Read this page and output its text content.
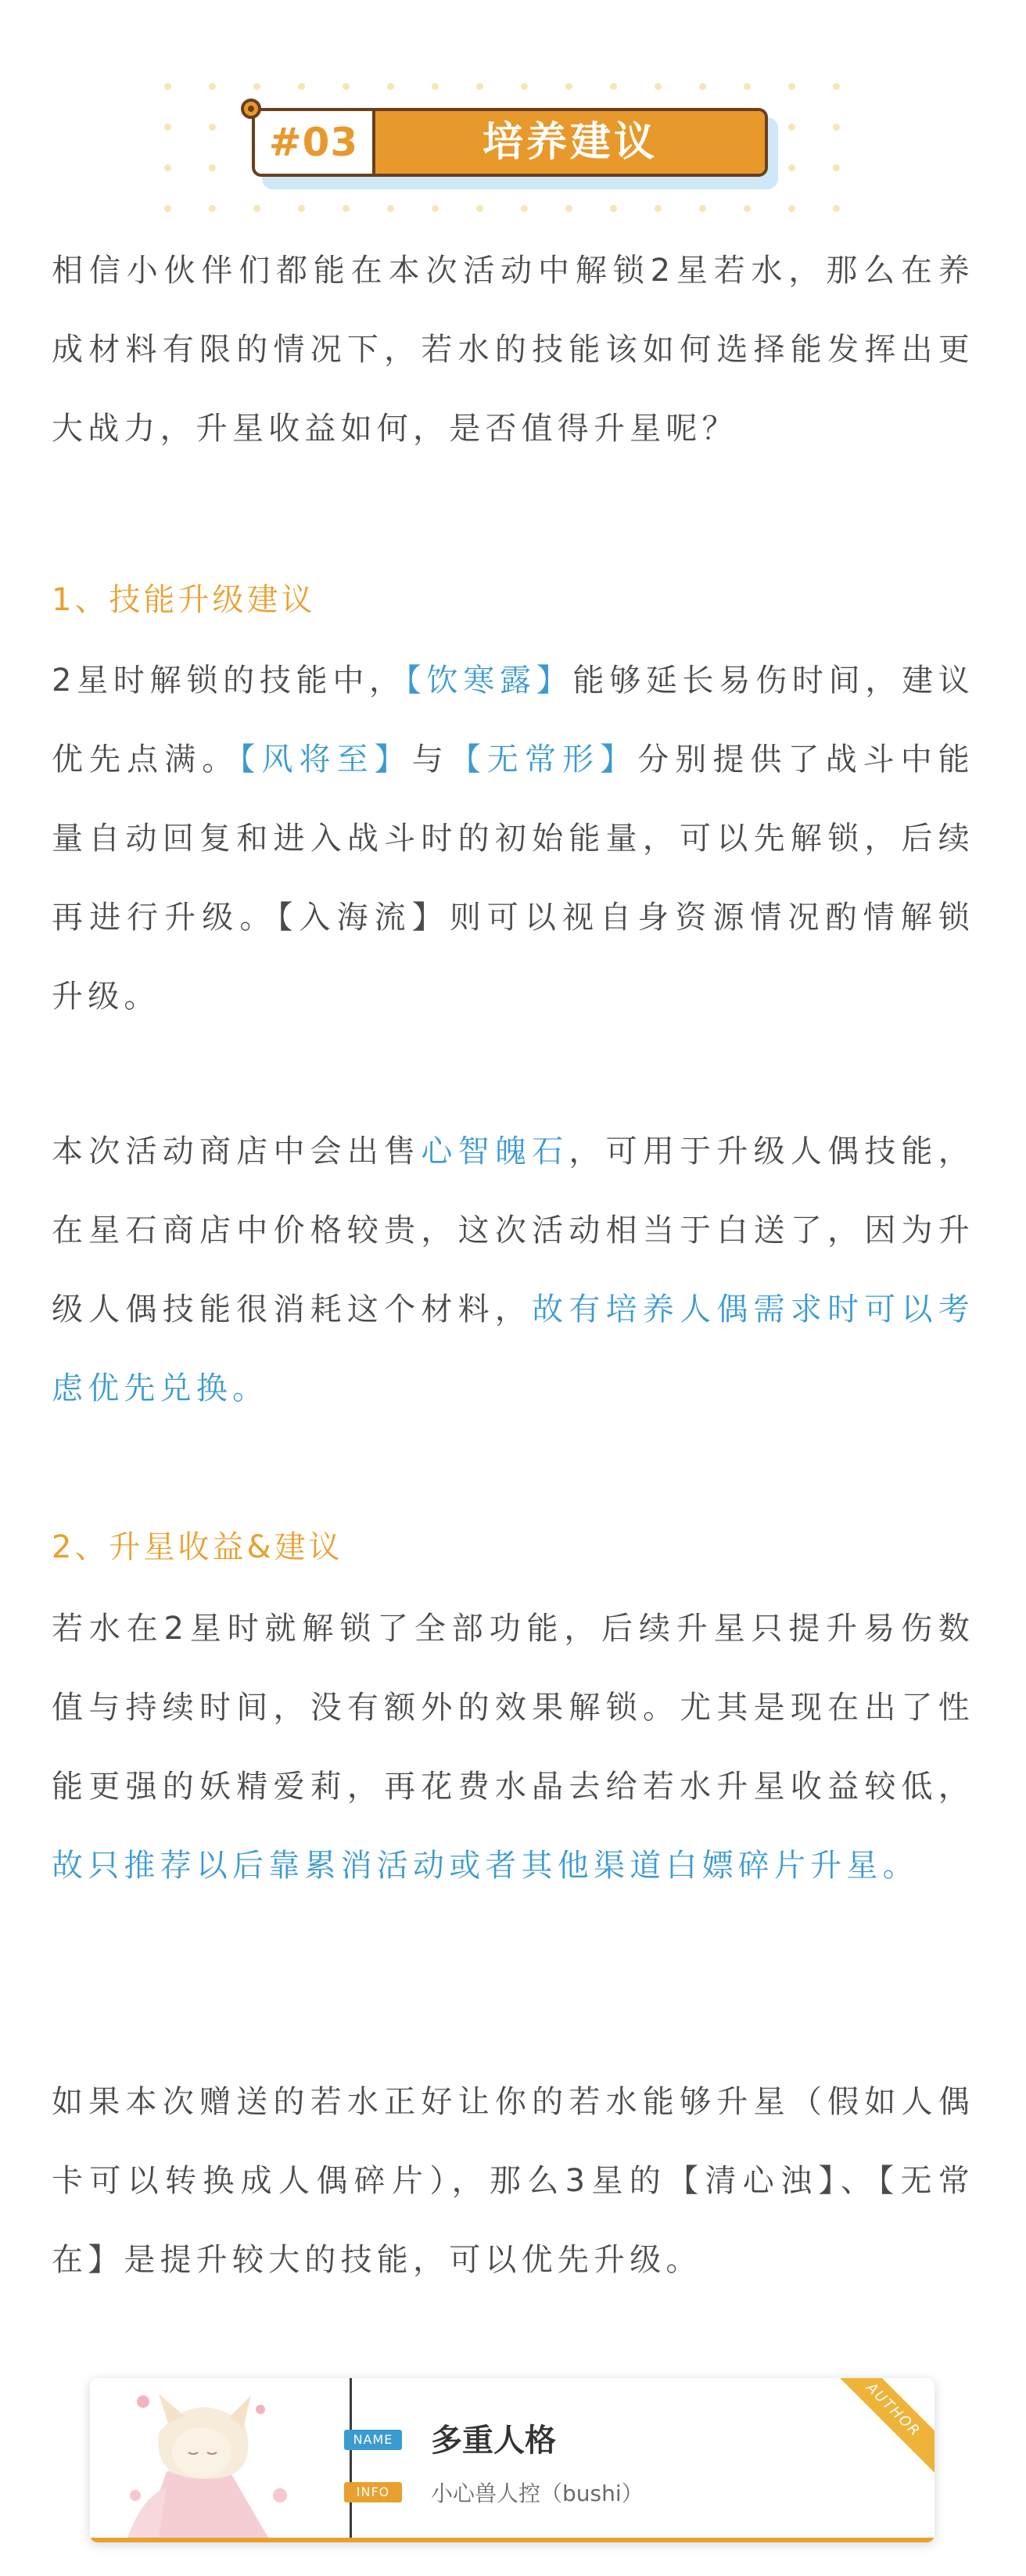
#03	培养建议

相信小伙伴们都能在本次活动中解锁2星若水，那么在养成材料有限的情况下，若水的技能该如何选择能发挥出更大战力，升星收益如何，是否值得升星呢？

1、技能升级建议

2星时解锁的技能中，【饮寒露】能够延长易伤时间，建议优先点满。【风将至】与【无常形】分别提供了战斗中能量自动回复和进入战斗时的初始能量，可以先解锁，后续再进行升级。【入海流】则可以视自身资源情况酌情解锁升级。

本次活动商店中会出售心智魄石，可用于升级人偶技能，在星石商店中价格较贵，这次活动相当于白送了，因为升级人偶技能很消耗这个材料，故有培养人偶需求时可以考虑优先兑换。

2、升星收益&建议

若水在2星时就解锁了全部功能，后续升星只提升易伤数值与持续时间，没有额外的效果解锁。尤其是现在出了性能更强的妖精爱莉，再花费水晶去给若水升星收益较低，故只推荐以后靠累消活动或者其他渠道白嫖碎片升星。

如果本次赠送的若水正好让你的若水能够升星（假如人偶卡可以转换成人偶碎片），那么3星的【清心浊】、【无常在】是提升较大的技能，可以优先升级。

NAME
INFO
多重人格
小心兽人控（bushi）
AUTHOR
